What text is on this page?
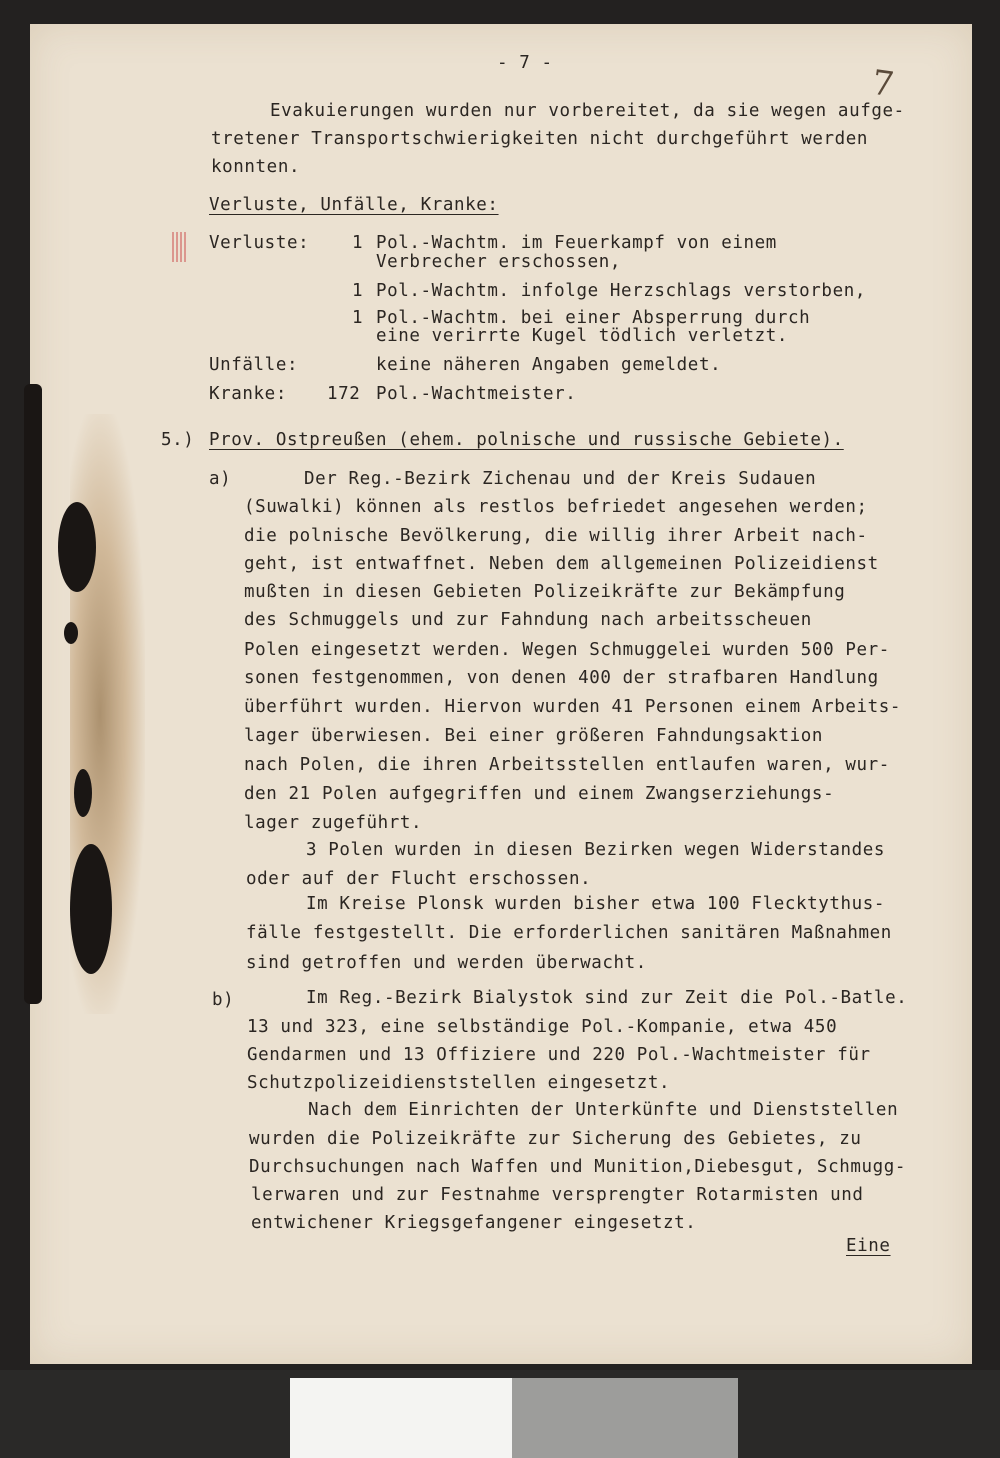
7
- 7 -
Evakuierungen wurden nur vorbereitet, da sie wegen aufge-
tretener Transportschwierigkeiten nicht durchgeführt werden
konnten.
Verluste, Unfälle, Kranke:
Verluste: 1 Pol.-Wachtm. im Feuerkampf von einem
Verbrecher erschossen,
1 Pol.-Wachtm. infolge Herzschlags verstorben,
1 Pol.-Wachtm. bei einer Absperrung durch
eine verirrte Kugel tödlich verletzt.
Unfälle:	keine näheren Angaben gemeldet.
Kranke: 172 Pol.-Wachtmeister.
5.) Prov. Ostpreußen (ehem. polnische und russische Gebiete).
a)	Der Reg.-Bezirk Zichenau und der Kreis Sudauen
(Suwalki) können als restlos befriedet angesehen werden;
die polnische Bevölkerung, die willig ihrer Arbeit nach-
geht, ist entwaffnet. Neben dem allgemeinen Polizeidienst
mußten in diesen Gebieten Polizeikräfte zur Bekämpfung
des Schmuggels und zur Fahndung nach arbeitsscheuen
Polen eingesetzt werden. Wegen Schmuggelei wurden 500 Per-
sonen festgenommen, von denen 400 der strafbaren Handlung
überführt wurden. Hiervon wurden 41 Personen einem Arbeits-
lager überwiesen. Bei einer größeren Fahndungsaktion
nach Polen, die ihren Arbeitsstellen entlaufen waren, wur-
den 21 Polen aufgegriffen und einem Zwangserziehungs-
lager zugeführt.
3 Polen wurden in diesen Bezirken wegen Widerstandes
oder auf der Flucht erschossen.
Im Kreise Plonsk wurden bisher etwa 100 Flecktythus-
fälle festgestellt. Die erforderlichen sanitären Maßnahmen
sind getroffen und werden überwacht.
b)	Im Reg.-Bezirk Bialystok sind zur Zeit die Pol.-Batle.
13 und 323, eine selbständige Pol.-Kompanie, etwa 450
Gendarmen und 13 Offiziere und 220 Pol.-Wachtmeister für
Schutzpolizeidienststellen eingesetzt.
Nach dem Einrichten der Unterkünfte und Dienststellen
wurden die Polizeikräfte zur Sicherung des Gebietes, zu
Durchsuchungen nach Waffen und Munition,Diebesgut, Schmugg-
lerwaren und zur Festnahme versprengter Rotarmisten und
entwichener Kriegsgefangener eingesetzt.
Eine
